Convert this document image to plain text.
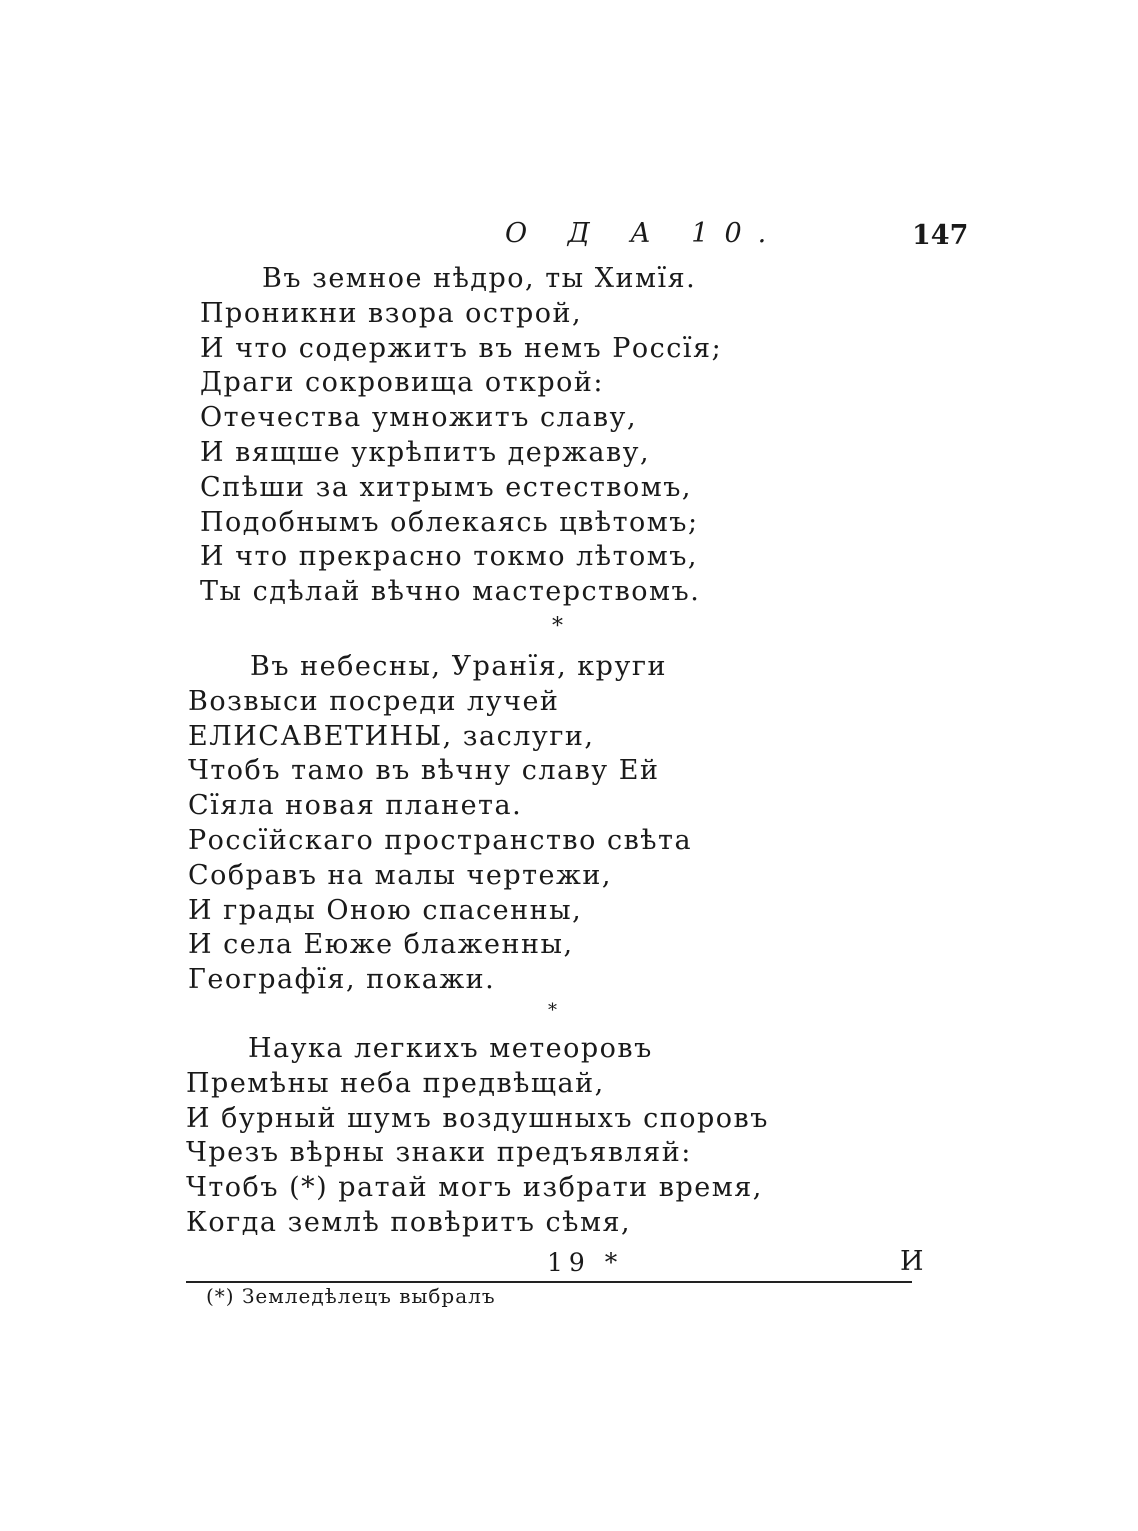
О Д А 10.	147
Въ земное нѣдро, ты Химїя.
Проникни взора острой,
И что содержитъ въ немъ Россїя;
Драги сокровища открой:
Отечества умножитъ славу,
И вящше укрѣпитъ державу,
Спѣши за хитрымъ естествомъ,
Подобнымъ облекаясь цвѣтомъ;
И что прекрасно токмо лѣтомъ,
Ты сдѣлай вѣчно мастерствомъ.
*
Въ небесны, Уранїя, круги
Возвыси посреди лучей
ЕЛИСАВЕТИНЫ, заслуги,
Чтобъ тамо въ вѣчну славу Ей
Сїяла новая планета.
Россїйскаго пространство свѣта
Собравъ на малы чертежи,
И грады Оною спасенны,
И села Еюже блаженны,
Географїя, покажи.
*
Наука легкихъ метеоровъ
Премѣны неба предвѣщай,
И бурный шумъ воздушныхъ споровъ
Чрезъ вѣрны знаки предъявляй:
Чтобъ (*) ратай могъ избрати время,
Когда землѣ повѣритъ сѣмя,
19 *	И
(*) Земледѣлецъ выбралъ
